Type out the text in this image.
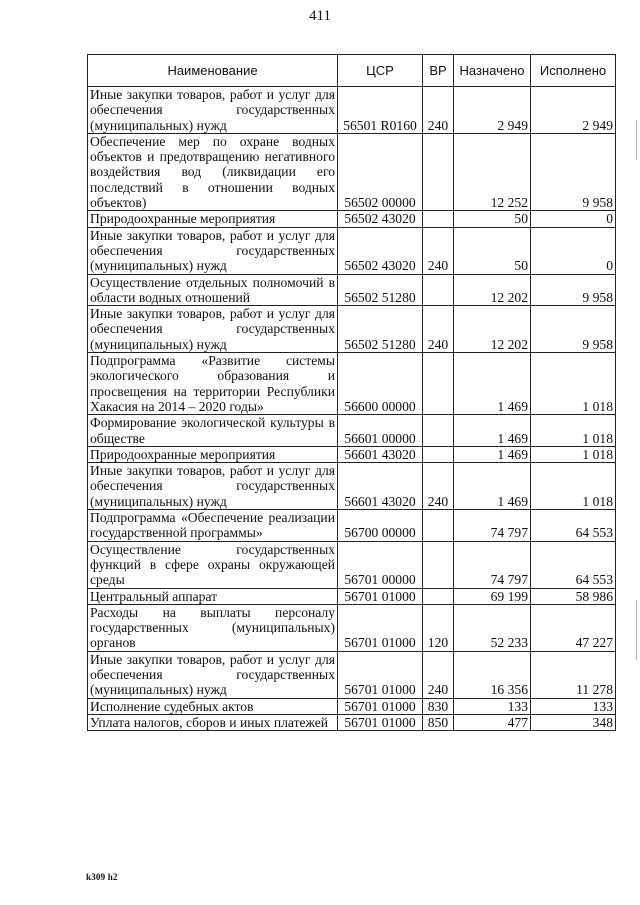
411
Наименование	ЦСР	ВР	Назначено	Исполнено
Иные закупки товаров, работ и услуг для обеспечения государственных (муниципальных) нужд	56501 R0160	240	2 949	2 949
Обеспечение мер по охране водных объектов и предотвращению негативного воздействия вод (ликвидации его последствий в отношении водных объектов)	56502 00000		12 252	9 958
Природоохранные мероприятия	56502 43020		50	0
Иные закупки товаров, работ и услуг для обеспечения государственных (муниципальных) нужд	56502 43020	240	50	0
Осуществление отдельных полномочий в области водных отношений	56502 51280		12 202	9 958
Иные закупки товаров, работ и услуг для обеспечения государственных (муниципальных) нужд	56502 51280	240	12 202	9 958
Подпрограмма «Развитие системы экологического образования и просвещения на территории Республики Хакасия на 2014 – 2020 годы»	56600 00000		1 469	1 018
Формирование экологической культуры в обществе	56601 00000		1 469	1 018
Природоохранные мероприятия	56601 43020		1 469	1 018
Иные закупки товаров, работ и услуг для обеспечения государственных (муниципальных) нужд	56601 43020	240	1 469	1 018
Подпрограмма «Обеспечение реализации государственной программы»	56700 00000		74 797	64 553
Осуществление государственных функций в сфере охраны окружающей среды	56701 00000		74 797	64 553
Центральный аппарат	56701 01000		69 199	58 986
Расходы на выплаты персоналу государственных (муниципальных) органов	56701 01000	120	52 233	47 227
Иные закупки товаров, работ и услуг для обеспечения государственных (муниципальных) нужд	56701 01000	240	16 356	11 278
Исполнение судебных актов	56701 01000	830	133	133
Уплата налогов, сборов и иных платежей	56701 01000	850	477	348
k309 h2
